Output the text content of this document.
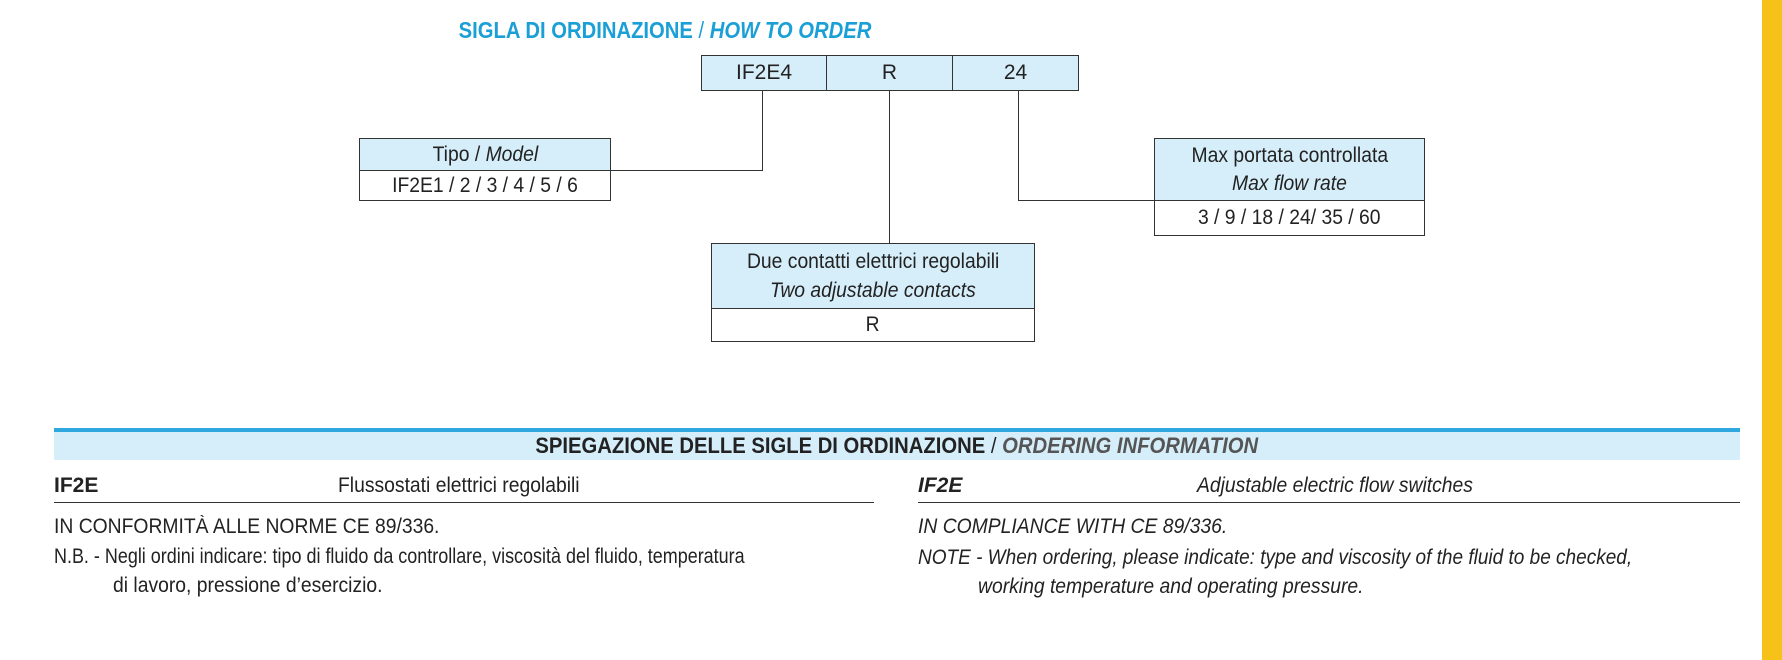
SIGLA DI ORDINAZIONE / HOW TO ORDER
IF2E4	R	24
Tipo / Model
IF2E1 / 2 / 3 / 4 / 5 / 6
Max portata controllata
Max flow rate
3 / 9 / 18 / 24/ 35 / 60
Due contatti elettrici regolabili
Two adjustable contacts
R
SPIEGAZIONE DELLE SIGLE DI ORDINAZIONE / ORDERING INFORMATION
IF2E	Flussostati elettrici regolabili
IN CONFORMITÀ ALLE NORME CE 89/336.
N.B. - Negli ordini indicare: tipo di fluido da controllare, viscosità del fluido, temperatura
di lavoro, pressione d’esercizio.
IF2E	Adjustable electric flow switches
IN COMPLIANCE WITH CE 89/336.
NOTE - When ordering, please indicate: type and viscosity of the fluid to be checked,
working temperature and operating pressure.
